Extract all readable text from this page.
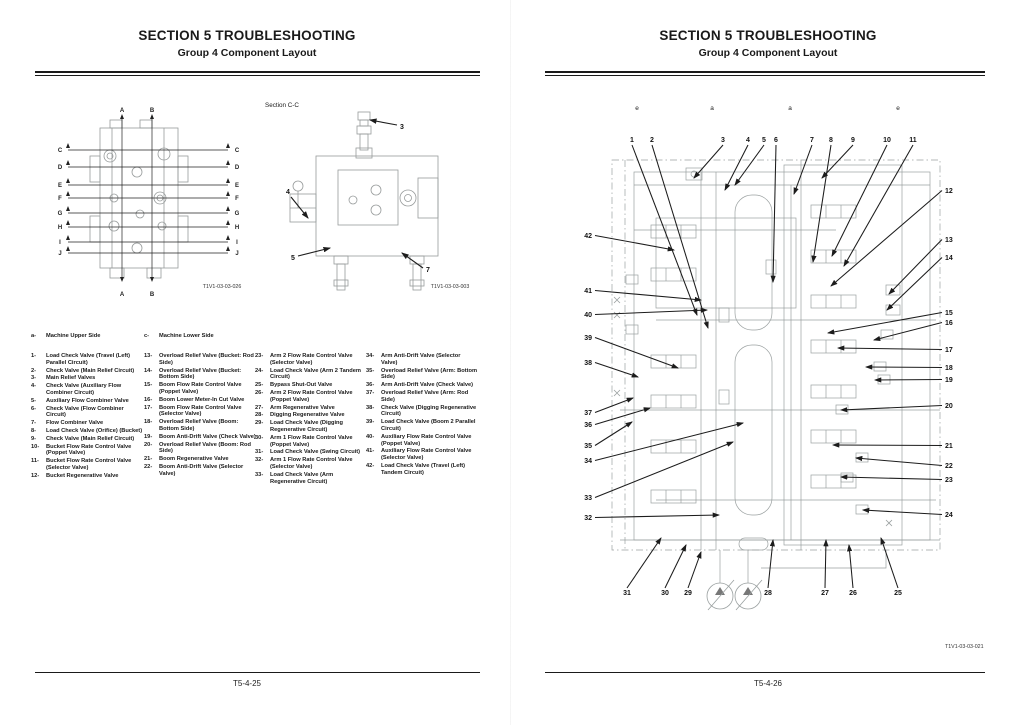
SECTION 5 TROUBLESHOOTING
Group 4 Component Layout
A
A
B
B
C	C
D	D
E	E
F	F
G	G
H	H
I	I
J	J
T1V1-03-03-026
Section C-C
3
4
5
7
T1V1-03-03-003
a-	Machine Upper Side	c-	Machine Lower Side
1-	Load Check Valve (Travel (Left) Parallel Circuit)
2-	Check Valve (Main Relief Circuit)
3-	Main Relief Valves
4-	Check Valve (Auxiliary Flow Combiner Circuit)
5-	Auxiliary Flow Combiner Valve
6-	Check Valve (Flow Combiner Circuit)
7-	Flow Combiner Valve
8-	Load Check Valve (Orifice) (Bucket)
9-	Check Valve (Main Relief Circuit)
10-	Bucket Flow Rate Control Valve (Poppet Valve)
11-	Bucket Flow Rate Control Valve (Selector Valve)
12-	Bucket Regenerative Valve
13-	Overload Relief Valve (Bucket: Rod Side)
14-	Overload Relief Valve (Bucket: Bottom Side)
15-	Boom Flow Rate Control Valve (Poppet Valve)
16-	Boom Lower Meter-In Cut Valve
17-	Boom Flow Rate Control Valve (Selector Valve)
18-	Overload Relief Valve (Boom: Bottom Side)
19-	Boom Anti-Drift Valve (Check Valve)
20-	Overload Relief Valve (Boom: Rod Side)
21-	Boom Regenerative Valve
22-	Boom Anti-Drift Valve (Selector Valve)
23-	Arm 2 Flow Rate Control Valve (Selector Valve)
24-	Load Check Valve (Arm 2 Tandem Circuit)
25-	Bypass Shut-Out Valve
26-	Arm 2 Flow Rate Control Valve (Poppet Valve)
27-	Arm Regenerative Valve
28-	Digging Regenerative Valve
29-	Load Check Valve (Digging Regenerative Circuit)
30-	Arm 1 Flow Rate Control Valve (Poppet Valve)
31-	Load Check Valve (Swing Circuit)
32-	Arm 1 Flow Rate Control Valve (Selector Valve)
33-	Load Check Valve (Arm Regenerative Circuit)
34-	Arm Anti-Drift Valve (Selector Valve)
35-	Overload Relief Valve (Arm: Bottom Side)
36-	Arm Anti-Drift Valve (Check Valve)
37-	Overload Relief Valve (Arm: Rod Side)
38-	Check Valve (Digging Regenerative Circuit)
39-	Load Check Valve (Boom 2 Parallel Circuit)
40-	Auxiliary Flow Rate Control Valve (Poppet Valve)
41-	Auxiliary Flow Rate Control Valve (Selector Valve)
42-	Load Check Valve (Travel (Left) Tandem Circuit)
T5-4-25
SECTION 5 TROUBLESHOOTING
Group 4 Component Layout
e	a	a	e
1 2	3	4 5 6	7 8	9	10	11
12
13
14
15
16
17
18
19
20
21
22
23
24
25
26
27
28
29
30
31
32
33
34
35
36
37
38
39
40
41
42
T1V1-03-03-021
T5-4-26
